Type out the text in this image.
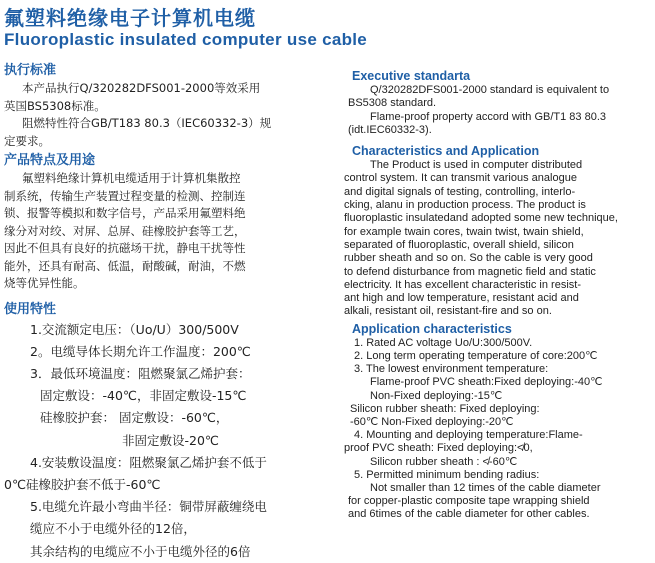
氟塑料绝缘电子计算机电缆
Fluoroplastic insulated computer use cable

执行标准

本产品执行Q/320282DFS001-2000等效采用

英国BS5308标准。

阻燃特性符合GB/T183 80.3（IEC60332-3）规

定要求。

产品特点及用途

氟塑料绝缘计算机电缆适用于计算机集散控

制系统，传输生产装置过程变量的检测、控制连

锁、报警等模拟和数字信号，产品采用氟塑料绝

缘分对对绞、对屏、总屏、硅橡胶护套等工艺，

因此不但具有良好的抗磁场干扰，静电干扰等性

能外，还具有耐高、低温，耐酸碱，耐油，不燃

烧等优异性能。

使用特性

1.交流额定电压：（Uo/U）300/500V

2。电缆导体长期允许工作温度：200℃

3．最低环境温度：阻燃聚氯乙烯护套：

固定敷设：-40℃，非固定敷设-15℃

硅橡胶护套： 固定敷设：-60℃，

非固定敷设-20℃

4.安装敷设温度：阻燃聚氯乙烯护套不低于

0℃硅橡胶护套不低于-60℃

5.电缆允许最小弯曲半径：铜带屏蔽缠绕电

缆应不小于电缆外径的12倍，

其余结构的电缆应不小于电缆外径的6倍

Executive standarta

Q/320282DFS001-2000 standard is equivalent to

BS5308 standard.

Flame-proof property accord with GB/T1 83 80.3

(idt.IEC60332-3).

Characteristics and Application

The Product is used in computer distributed

control system. It can transmit various analogue

and digital signals of testing, controlling, interlo-

cking, alanu in production process. The product is

fluoroplastic insulatedand adopted some new technique,

for example twain cores, twain twist, twain shield,

separated of fluoroplastic, overall shield, silicon

rubber sheath and so on. So the cable is very good

to defend disturbance from magnetic field and static

electricity. It has excellent characteristic in resist-

ant high and low temperature, resistant acid and

alkali, resistant oil, resistant-fire and so on.

Application characteristics

1. Rated AC voltage Uo/U:300/500V.

2. Long term operating temperature of core:200℃

3. The lowest environment temperature:

Flame-proof PVC sheath:Fixed deploying:-40℃

Non-Fixed deploying:-15℃

Silicon rubber sheath: Fixed deploying:

-60℃ Non-Fixed deploying:-20℃

4. Mounting and deploying temperature:Flame-

proof PVC sheath: Fixed deploying:≮0,

Silicon rubber sheath : ≮-60℃

5. Permitted minimum bending radius:

Not smaller than 12 times of the cable diameter

for copper-plastic composite tape wrapping shield

and 6times of the cable diameter for other cables.
